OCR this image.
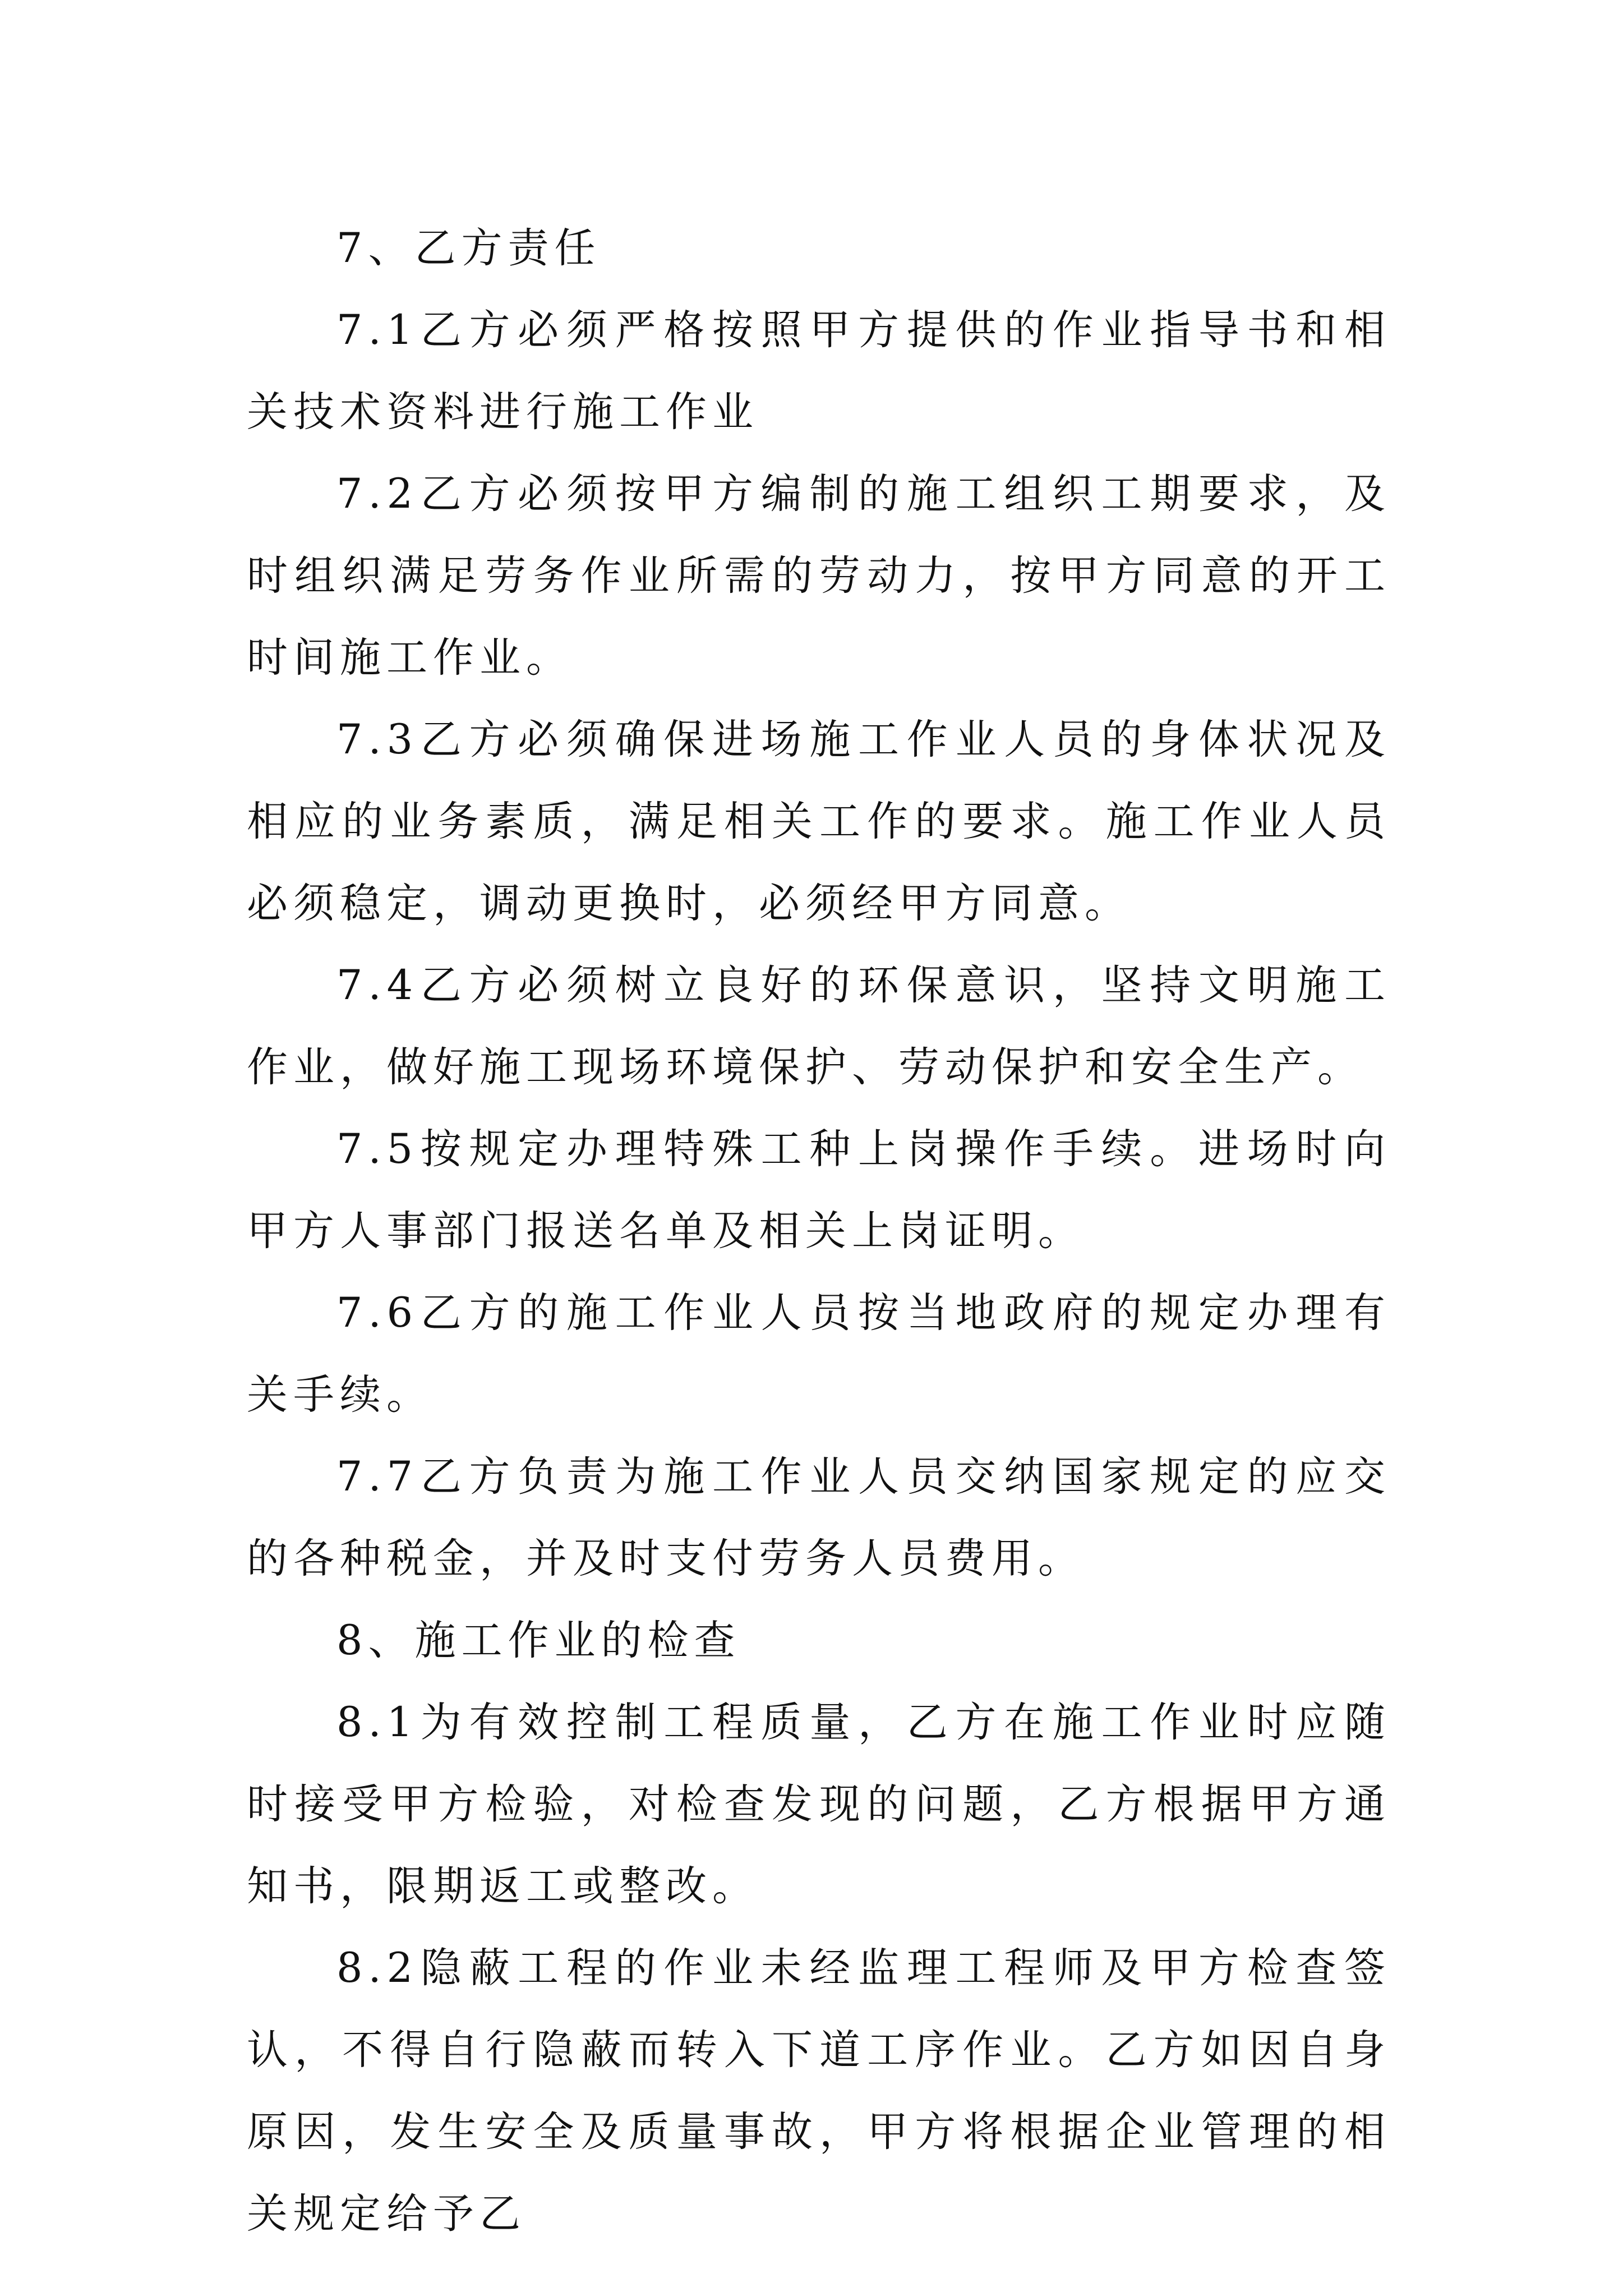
7、乙方责任

7.1乙方必须严格按照甲方提供的作业指导书和相关技术资料进行施工作业

7.2乙方必须按甲方编制的施工组织工期要求，及时组织满足劳务作业所需的劳动力，按甲方同意的开工时间施工作业。

7.3乙方必须确保进场施工作业人员的身体状况及相应的业务素质，满足相关工作的要求。施工作业人员必须稳定，调动更换时，必须经甲方同意。

7.4乙方必须树立良好的环保意识，坚持文明施工作业，做好施工现场环境保护、劳动保护和安全生产。

7.5按规定办理特殊工种上岗操作手续。进场时向甲方人事部门报送名单及相关上岗证明。

7.6乙方的施工作业人员按当地政府的规定办理有关手续。

7.7乙方负责为施工作业人员交纳国家规定的应交的各种税金，并及时支付劳务人员费用。

8、施工作业的检查

8.1为有效控制工程质量，乙方在施工作业时应随时接受甲方检验，对检查发现的问题，乙方根据甲方通知书，限期返工或整改。

8.2隐蔽工程的作业未经监理工程师及甲方检查签认，不得自行隐蔽而转入下道工序作业。乙方如因自身原因，发生安全及质量事故，甲方将根据企业管理的相关规定给予乙
